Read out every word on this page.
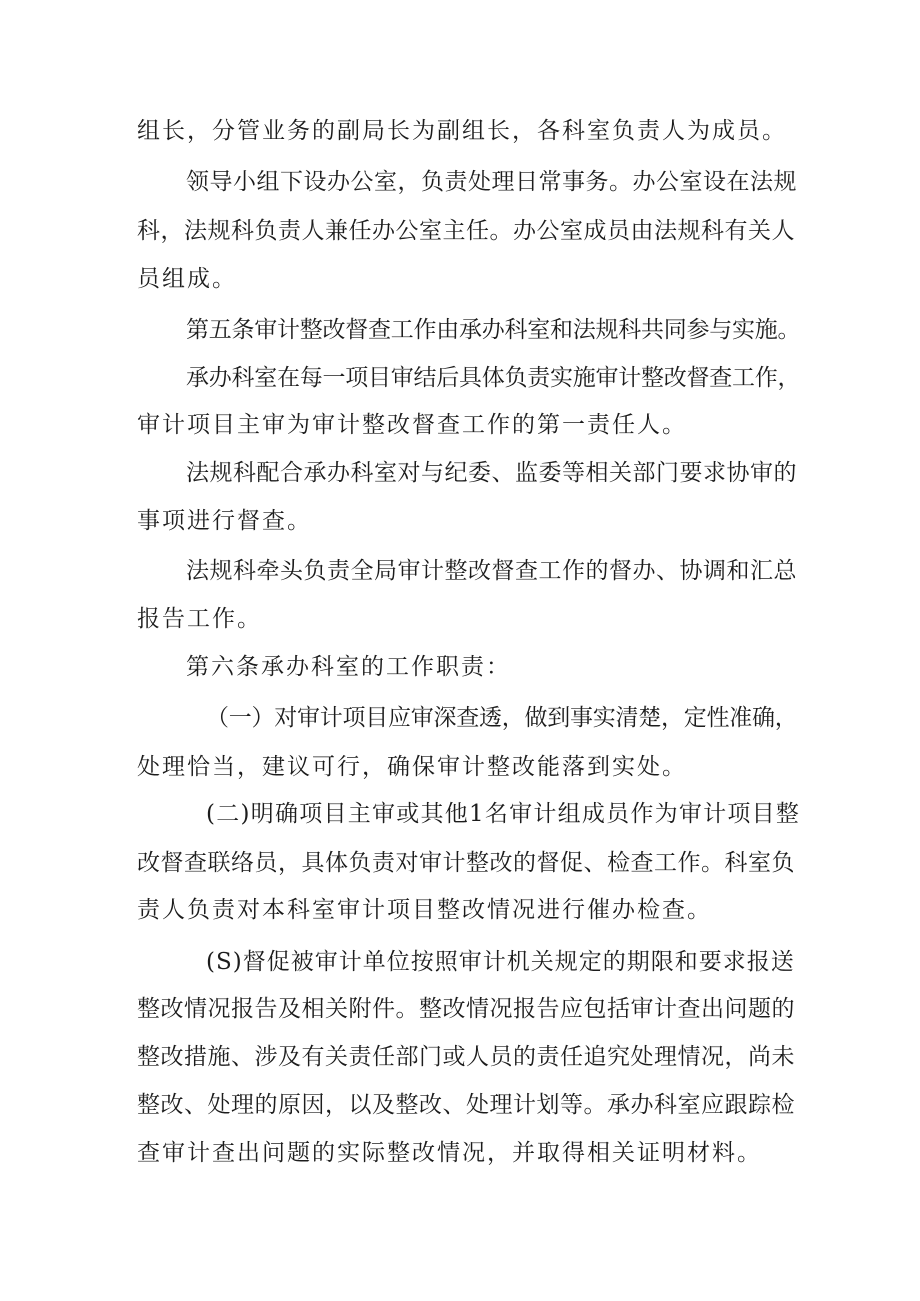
组长，分管业务的副局长为副组长，各科室负责人为成员。

领导小组下设办公室，负责处理日常事务。办公室设在法规

科，法规科负责人兼任办公室主任。办公室成员由法规科有关人

员组成。

第五条审计整改督查工作由承办科室和法规科共同参与实施。

承办科室在每一项目审结后具体负责实施审计整改督查工作，

审计项目主审为审计整改督查工作的第一责任人。

法规科配合承办科室对与纪委、监委等相关部门要求协审的

事项进行督查。

法规科牵头负责全局审计整改督查工作的督办、协调和汇总

报告工作。

第六条承办科室的工作职责：

（一）对审计项目应审深查透，做到事实清楚，定性准确，

处理恰当，建议可行，确保审计整改能落到实处。

(二)明确项目主审或其他1名审计组成员作为审计项目整

改督查联络员，具体负责对审计整改的督促、检查工作。科室负

责人负责对本科室审计项目整改情况进行催办检查。

(S)督促被审计单位按照审计机关规定的期限和要求报送

整改情况报告及相关附件。整改情况报告应包括审计查出问题的

整改措施、涉及有关责任部门或人员的责任追究处理情况，尚未

整改、处理的原因，以及整改、处理计划等。承办科室应跟踪检

查审计查出问题的实际整改情况，并取得相关证明材料。
